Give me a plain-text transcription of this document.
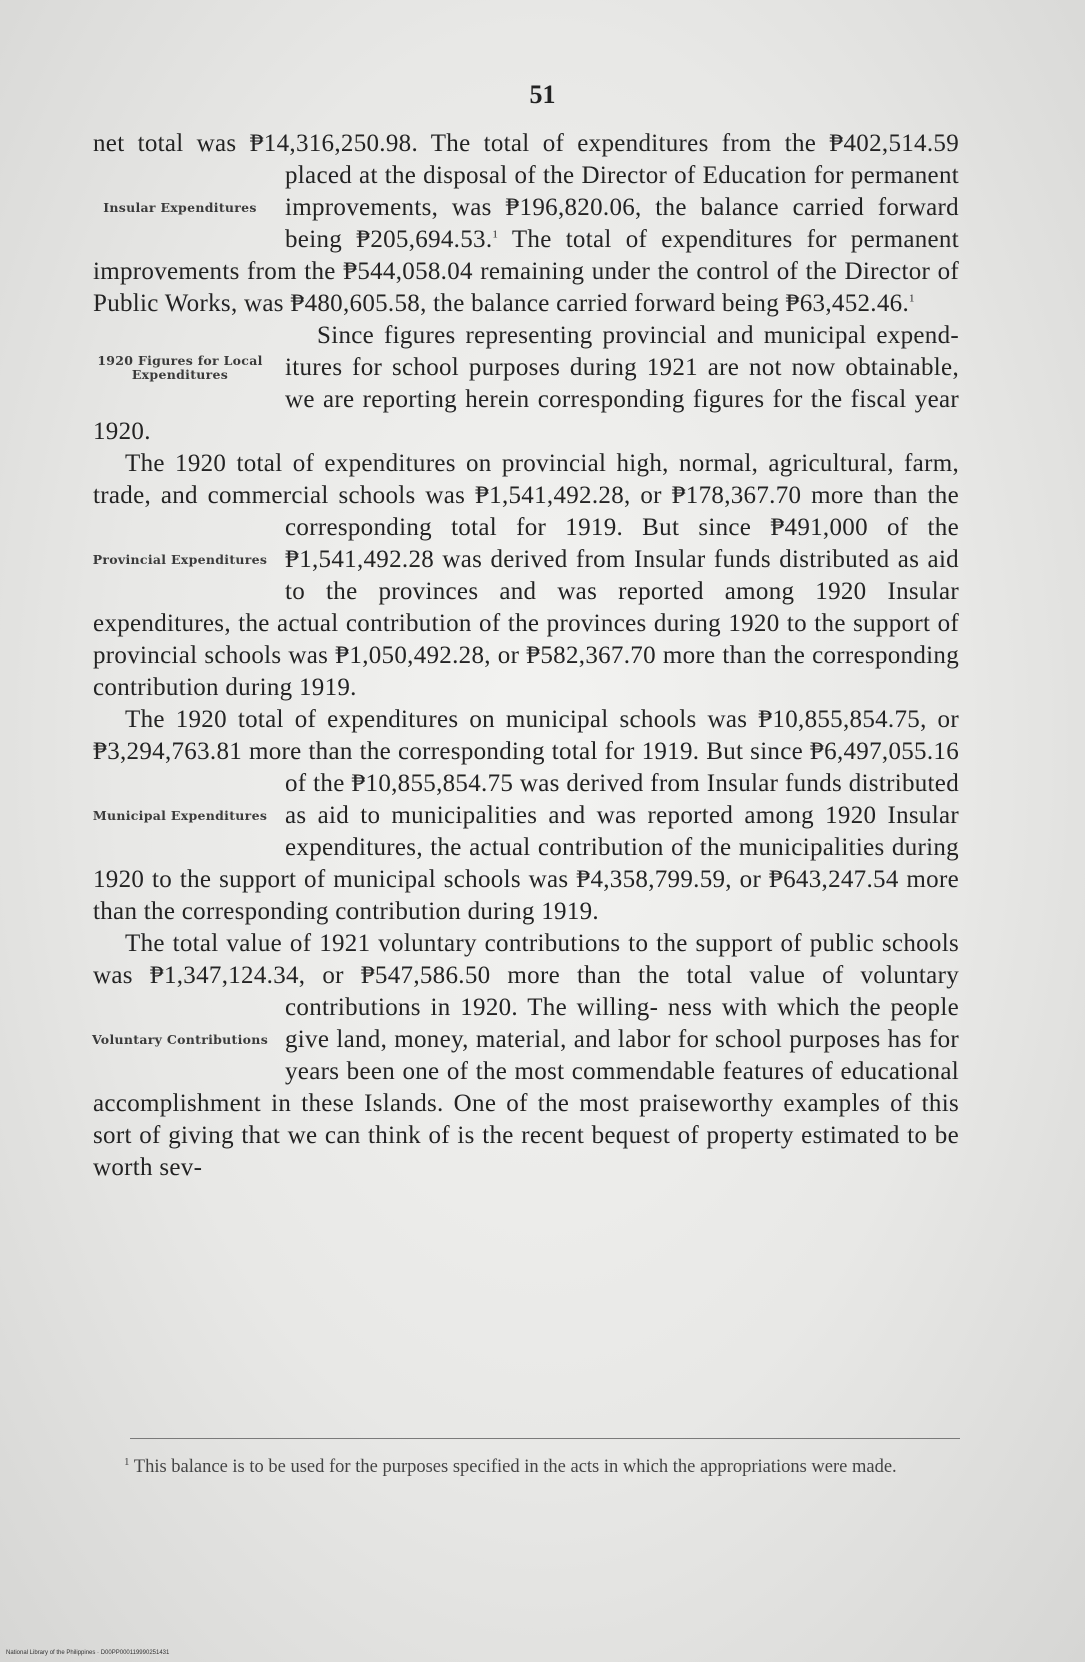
51

net total was ₱14,316,250.98. The total of expenditures from the ₱402,514.59 placed at the disposal of the Director of
Insular Expenditures
Education for permanent improvements, was ₱196,820.06, the balance carried forward being ₱205,694.53.$^1$ The total of expenditures for permanent improvements from the ₱544,058.04 remaining under the control of the Director of Public Works, was ₱480,605.58, the balance carried forward being ₱63,452.46.$^1$

Since figures representing provincial and municipal expend-
1920 Figures for Local Expenditures	itures for school purposes during 1921 are not now obtainable, we are reporting herein corresponding figures for the fiscal year 1920.

The 1920 total of expenditures on provincial high, normal, agricultural, farm, trade, and commercial schools was ₱1,541,492.28, or ₱178,367.70 more than the corresponding
Provincial Expenditures
total for 1919. But since ₱491,000 of the ₱1,541,492.28 was derived from Insular funds distributed as aid to the provinces and was reported among 1920 Insular expenditures, the actual contribution of the provinces during 1920 to the support of provincial schools was ₱1,050,492.28, or ₱582,367.70 more than the corresponding contribution during 1919.

The 1920 total of expenditures on municipal schools was ₱10,855,854.75, or ₱3,294,763.81 more than the corresponding total for 1919. But since ₱6,497,055.16 of the ₱10,855,854.75
Municipal Expenditures
was derived from Insular funds distributed as aid to municipalities and was reported among 1920 Insular expenditures, the actual contribution of the municipalities during 1920 to the support of municipal schools was ₱4,358,799.59, or ₱643,247.54 more than the corresponding contribution during 1919.

The total value of 1921 voluntary contributions to the support of public schools was ₱1,347,124.34, or ₱547,586.50 more than the total value of voluntary contributions in 1920. The willing-
Voluntary Contributions
ness with which the people give land, money, material, and labor for school purposes has for years been one of the most commendable features of educational accomplishment in these Islands. One of the most praiseworthy examples of this sort of giving that we can think of is the recent bequest of property estimated to be worth sev-

$^1$ This balance is to be used for the purposes specified in the acts in which the appropriations were made.
National Library of the Philippines · D00PP000119990251431
